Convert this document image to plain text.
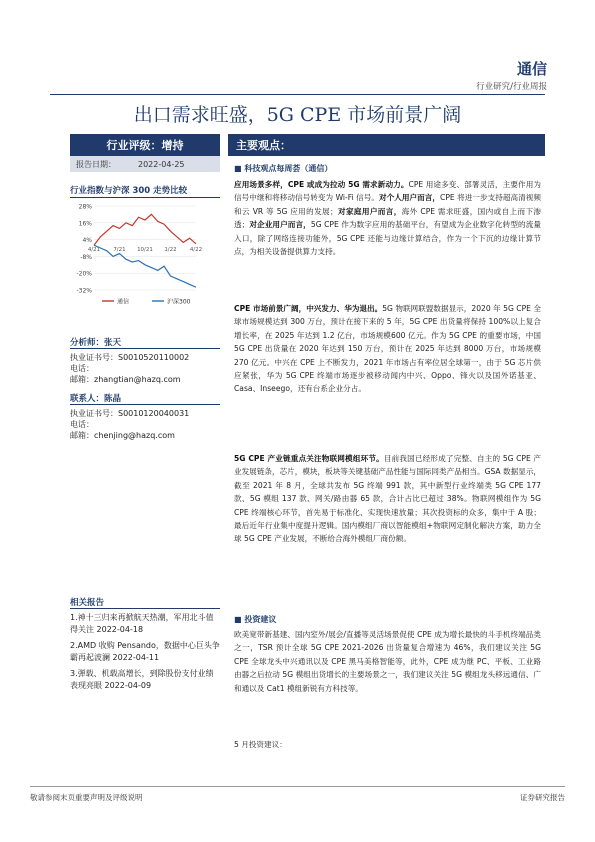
通信
行业研究/行业周报
出口需求旺盛，5G CPE 市场前景广阔
行业评级：增持
报告日期：	2022-04-25
行业指数与沪深 300 走势比较
28%
16%
4%
-8%
-20%
-32%
4/21 7/21 10/21 1/22 4/22
通信	沪深300
分析师：张天
执业证书号：S0010520110002
电话：
邮箱：zhangtian@hazq.com
联系人：陈晶
执业证书号：S0010120040031
电话：
邮箱：chenjing@hazq.com
相关报告
1.神十三归来再掀航天热潮，军用北斗值得关注 2022-04-18
2.AMD 收购 Pensando，数据中心巨头争霸再起波澜 2022-04-11
3.弹载、机载高增长，到除股份支付业绩表现亮眼 2022-04-09
主要观点：
■ 科技观点每周荟（通信）
应用场景多样，CPE 或成为拉动 5G 需求新动力。CPE 用途多变、部署灵活，主要作用为信号中继和将移动信号转变为 Wi-Fi 信号。对个人用户而言，CPE 将进一步支持超高清视频和云 VR 等 5G 应用的发展；对家庭用户而言，海外 CPE 需求旺盛，国内或自上而下渗透；对企业用户而言，5G CPE 作为数字应用的基础平台，有望成为企业数字化转型的流量入口，除了网络连接功能外，5G CPE 还能与边缘计算结合，作为一个下沉的边缘计算节点，为相关设备提供算力支持。
CPE 市场前景广阔，中兴发力、华为退出。5G 物联网联盟数据显示，2020 年 5G CPE 全球市场规模达到 300 万台，预计在接下来的 5 年，5G CPE 出货量将保持 100%以上复合增长率，在 2025 年达到 1.2 亿台，市场规模600 亿元。作为 5G CPE 的重要市场，中国 5G CPE 出货量在 2020 年达到 150 万台，预计在 2025 年达到 8000 万台，市场规模270 亿元。中兴在 CPE 上不断发力，2021 年市场占有率位居全球第一，由于 5G 芯片供应紧张，华为 5G CPE 终端市场逐步被移动闻内中兴、Oppo、锋火以及国外诺基亚、Casa、Inseego，还有台系企业分占。
5G CPE 产业链重点关注物联网模组环节。目前我国已经形成了完整、自主的 5G CPE 产业发展链条，芯片，模块，板块等关键基础产品性能与国际同类产品相当。GSA 数据显示，截至 2021 年 8 月，全球共发布 5G 终端 991 款，其中新型行业终端类 5G CPE 177 款、5G 模组 137 款、网关/路由器 65 款，合计占比已超过 38%。物联网模组作为 5G CPE 终端核心环节，首先易于标准化、实现快速放量；其次投资标的众多，集中于 A 股；最后近年行业集中度提升逻辑。国内模组厂商以智能模组+物联网定制化解决方案，助力全球 5G CPE 产业发展，不断给合海外模组厂商份额。
■ 投资建议
欧美宽带新基建、国内室外/展会/直播等灵活场景促使 CPE 成为增长最快的斗手机终端品类之一，TSR 预计全球 5G CPE 2021-2026 出货量复合增速为 46%，我们建议关注 5G CPE 全球龙头中兴通讯以及 CPE 黑马美格智能等，此外，CPE 成为继 PC、平板、工业路由器之后拉动 5G 模组出货增长的主要场景之一，我们建议关注 5G 模组龙头移远通信、广和通以及 Cat1 模组新锐有方科技等。
5 月投资建议：
敬请参阅末页重要声明及评级说明	证券研究报告
